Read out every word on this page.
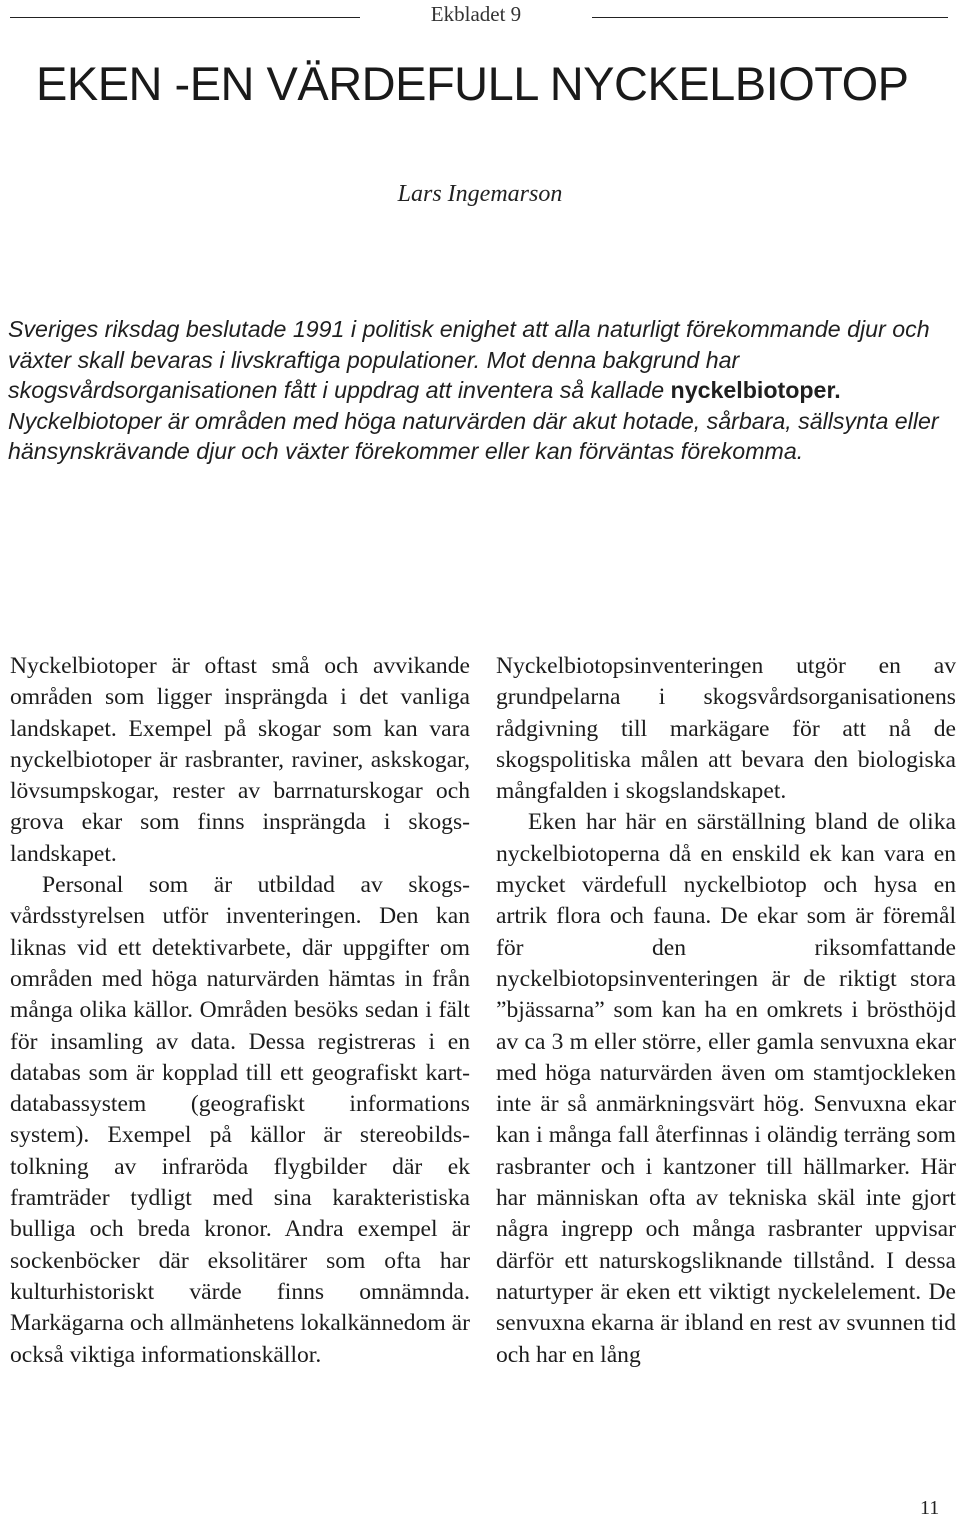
Ekbladet 9
EKEN -EN VÄRDEFULL NYCKELBIOTOP
Lars Ingemarson

Sveriges riksdag beslutade 1991 i politisk enighet att alla naturligt förekommande djur och växter skall bevaras i livskraftiga populationer. Mot denna bakgrund har skogsvårdsorganisationen fått i uppdrag att inventera så kallade nyckelbiotoper. Nyckelbiotoper är områden med höga naturvärden där akut hotade, sårbara, sällsynta eller hänsynskrävande djur och växter förekommer eller kan förväntas förekomma.

Nyckelbiotoper är oftast små och avvikande områden som ligger insprängda i det vanliga landskapet. Exempel på skogar som kan vara nyckelbiotoper är rasbranter, raviner, askskogar, lövsumpskogar, rester av barrnaturskogar och grova ekar som finns insprängda i skogslandskapet.

Personal som är utbildad av skogsvårdsstyrelsen utför inventeringen. Den kan liknas vid ett detektivarbete, där uppgifter om områden med höga naturvärden hämtas in från många olika källor. Områden besöks sedan i fält för insamling av data. Dessa registreras i en databas som är kopplad till ett geografiskt kartdatabassystem (geografiskt informations system). Exempel på källor är stereobildstolkning av infraröda flygbilder där ek framträder tydligt med sina karakteristiska bulliga och breda kronor. Andra exempel är sockenböcker där eksolitärer som ofta har kulturhistoriskt värde finns omnämnda. Markägarna och allmänhetens lokalkännedom är också viktiga informationskällor.

Nyckelbiotopsinventeringen utgör en av grundpelarna i skogsvårdsorganisationens rådgivning till markägare för att nå de skogspolitiska målen att bevara den biologiska mångfalden i skogslandskapet.

Eken har här en särställning bland de olika nyckelbiotoperna då en enskild ek kan vara en mycket värdefull nyckelbiotop och hysa en artrik flora och fauna. De ekar som är föremål för den riksomfattande nyckelbiotopsinventeringen är de riktigt stora ”bjässarna” som kan ha en omkrets i brösthöjd av ca 3 m eller större, eller gamla senvuxna ekar med höga naturvärden även om stamtjockleken inte är så anmärkningsvärt hög. Senvuxna ekar kan i många fall återfinnas i oländig terräng som rasbranter och i kantzoner till hällmarker. Här har människan ofta av tekniska skäl inte gjort några ingrepp och många rasbranter uppvisar därför ett naturskogsliknande tillstånd. I dessa naturtyper är eken ett viktigt nyckelelement. De senvuxna ekarna är ibland en rest av svunnen tid och har en lång

11
